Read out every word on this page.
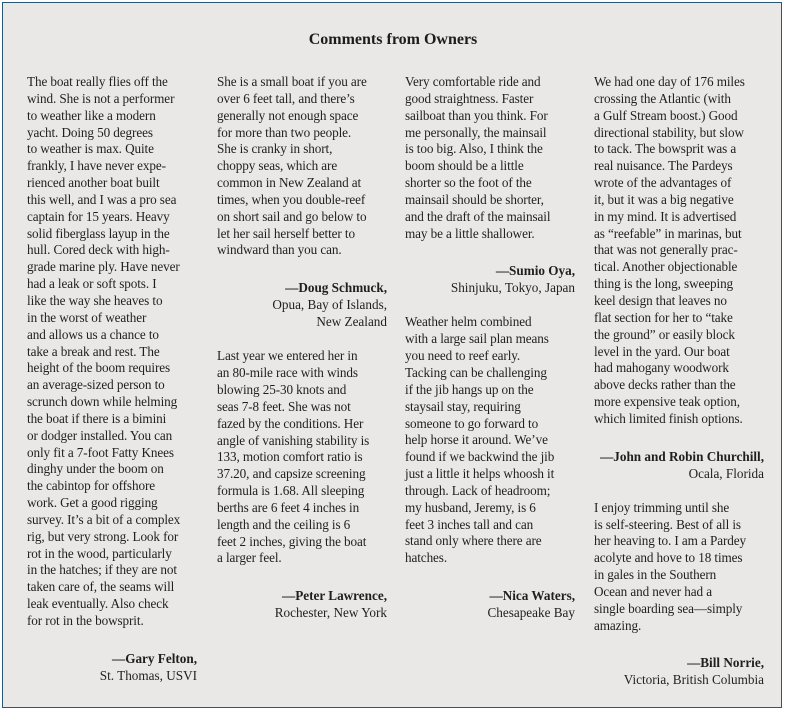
Comments from Owners

The boat really flies off the
wind. She is not a performer
to weather like a modern
yacht. Doing 50 degrees
to weather is max. Quite
frankly, I have never expe-
rienced another boat built
this well, and I was a pro sea
captain for 15 years. Heavy
solid fiberglass layup in the
hull. Cored deck with high-
grade marine ply. Have never
had a leak or soft spots. I
like the way she heaves to
in the worst of weather
and allows us a chance to
take a break and rest. The
height of the boom requires
an average-sized person to
scrunch down while helming
the boat if there is a bimini
or dodger installed. You can
only fit a 7-foot Fatty Knees
dinghy under the boom on
the cabintop for offshore
work. Get a good rigging
survey. It’s a bit of a complex
rig, but very strong. Look for
rot in the wood, particularly
in the hatches; if they are not
taken care of, the seams will
leak eventually. Also check
for rot in the bowsprit.

—Gary Felton,
St. Thomas, USVI

She is a small boat if you are
over 6 feet tall, and there’s
generally not enough space
for more than two people.
She is cranky in short,
choppy seas, which are
common in New Zealand at
times, when you double-reef
on short sail and go below to
let her sail herself better to
windward than you can.

—Doug Schmuck,
Opua, Bay of Islands,
New Zealand

Last year we entered her in
an 80-mile race with winds
blowing 25-30 knots and
seas 7-8 feet. She was not
fazed by the conditions. Her
angle of vanishing stability is
133, motion comfort ratio is
37.20, and capsize screening
formula is 1.68. All sleeping
berths are 6 feet 4 inches in
length and the ceiling is 6
feet 2 inches, giving the boat
a larger feel.

—Peter Lawrence,
Rochester, New York

Very comfortable ride and
good straightness. Faster
sailboat than you think. For
me personally, the mainsail
is too big. Also, I think the
boom should be a little
shorter so the foot of the
mainsail should be shorter,
and the draft of the mainsail
may be a little shallower.

—Sumio Oya,
Shinjuku, Tokyo, Japan

Weather helm combined
with a large sail plan means
you need to reef early.
Tacking can be challenging
if the jib hangs up on the
staysail stay, requiring
someone to go forward to
help horse it around. We’ve
found if we backwind the jib
just a little it helps whoosh it
through. Lack of headroom;
my husband, Jeremy, is 6
feet 3 inches tall and can
stand only where there are
hatches.

—Nica Waters,
Chesapeake Bay

We had one day of 176 miles
crossing the Atlantic (with
a Gulf Stream boost.) Good
directional stability, but slow
to tack. The bowsprit was a
real nuisance. The Pardeys
wrote of the advantages of
it, but it was a big negative
in my mind. It is advertised
as “reefable” in marinas, but
that was not generally prac-
tical. Another objectionable
thing is the long, sweeping
keel design that leaves no
flat section for her to “take
the ground” or easily block
level in the yard. Our boat
had mahogany woodwork
above decks rather than the
more expensive teak option,
which limited finish options.

—John and Robin Churchill,
Ocala, Florida

I enjoy trimming until she
is self-steering. Best of all is
her heaving to. I am a Pardey
acolyte and hove to 18 times
in gales in the Southern
Ocean and never had a
single boarding sea—simply
amazing.

—Bill Norrie,
Victoria, British Columbia
